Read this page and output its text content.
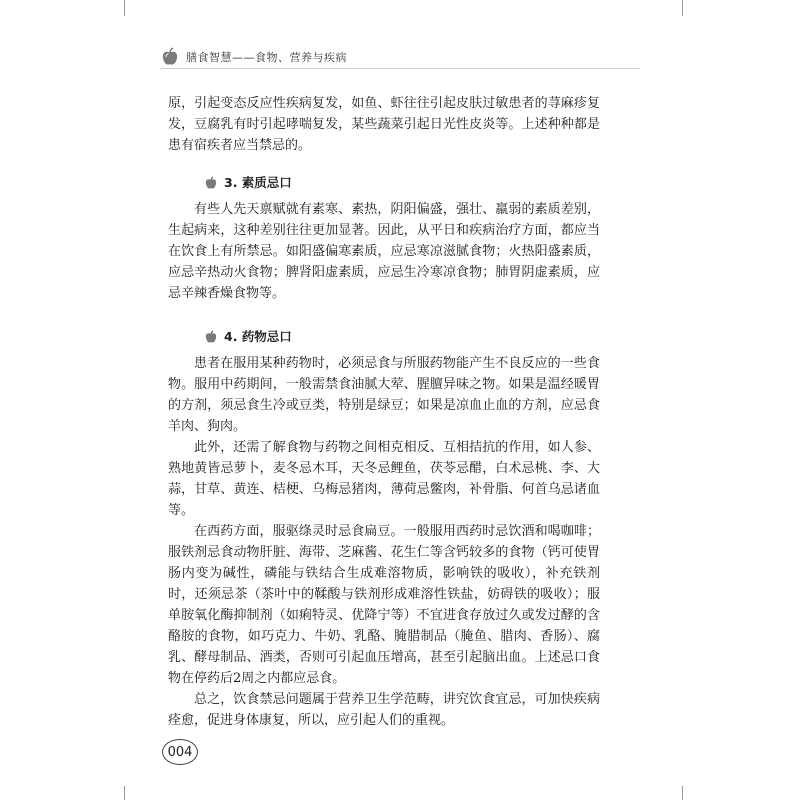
膳食智慧——食物、营养与疾病

原，引起变态反应性疾病复发，如鱼、虾往往引起皮肤过敏患者的荨麻疹复发，豆腐乳有时引起哮喘复发，某些蔬菜引起日光性皮炎等。上述种种都是患有宿疾者应当禁忌的。

3. 素质忌口

有些人先天禀赋就有素寒、素热，阴阳偏盛，强壮、羸弱的素质差别，生起病来，这种差别往往更加显著。因此，从平日和疾病治疗方面，都应当在饮食上有所禁忌。如阳盛偏寒素质，应忌寒凉滋腻食物；火热阳盛素质，应忌辛热动火食物；脾肾阳虚素质，应忌生冷寒凉食物；肺胃阴虚素质，应忌辛辣香燥食物等。

4. 药物忌口

患者在服用某种药物时，必须忌食与所服药物能产生不良反应的一些食物。服用中药期间，一般需禁食油腻大荤、腥膻异味之物。如果是温经暖胃的方剂，须忌食生冷或豆类，特别是绿豆；如果是凉血止血的方剂，应忌食羊肉、狗肉。

此外，还需了解食物与药物之间相克相反、互相拮抗的作用，如人参、熟地黄皆忌萝卜，麦冬忌木耳，天冬忌鲤鱼，茯苓忌醋，白术忌桃、李、大蒜，甘草、黄连、桔梗、乌梅忌猪肉，薄荷忌鳖肉，补骨脂、何首乌忌诸血等。

在西药方面，服驱绦灵时忌食扁豆。一般服用西药时忌饮酒和喝咖啡；服铁剂忌食动物肝脏、海带、芝麻酱、花生仁等含钙较多的食物（钙可使胃肠内变为碱性，磷能与铁结合生成难溶物质，影响铁的吸收），补充铁剂时，还须忌茶（茶叶中的鞣酸与铁剂形成难溶性铁盐，妨碍铁的吸收）；服单胺氧化酶抑制剂（如痢特灵、优降宁等）不宜进食存放过久或发过酵的含酪胺的食物，如巧克力、牛奶、乳酪、腌腊制品（腌鱼、腊肉、香肠）、腐乳、酵母制品、酒类，否则可引起血压增高，甚至引起脑出血。上述忌口食物在停药后2周之内都应忌食。

总之，饮食禁忌问题属于营养卫生学范畴，讲究饮食宜忌，可加快疾病痊愈，促进身体康复，所以，应引起人们的重视。

004
